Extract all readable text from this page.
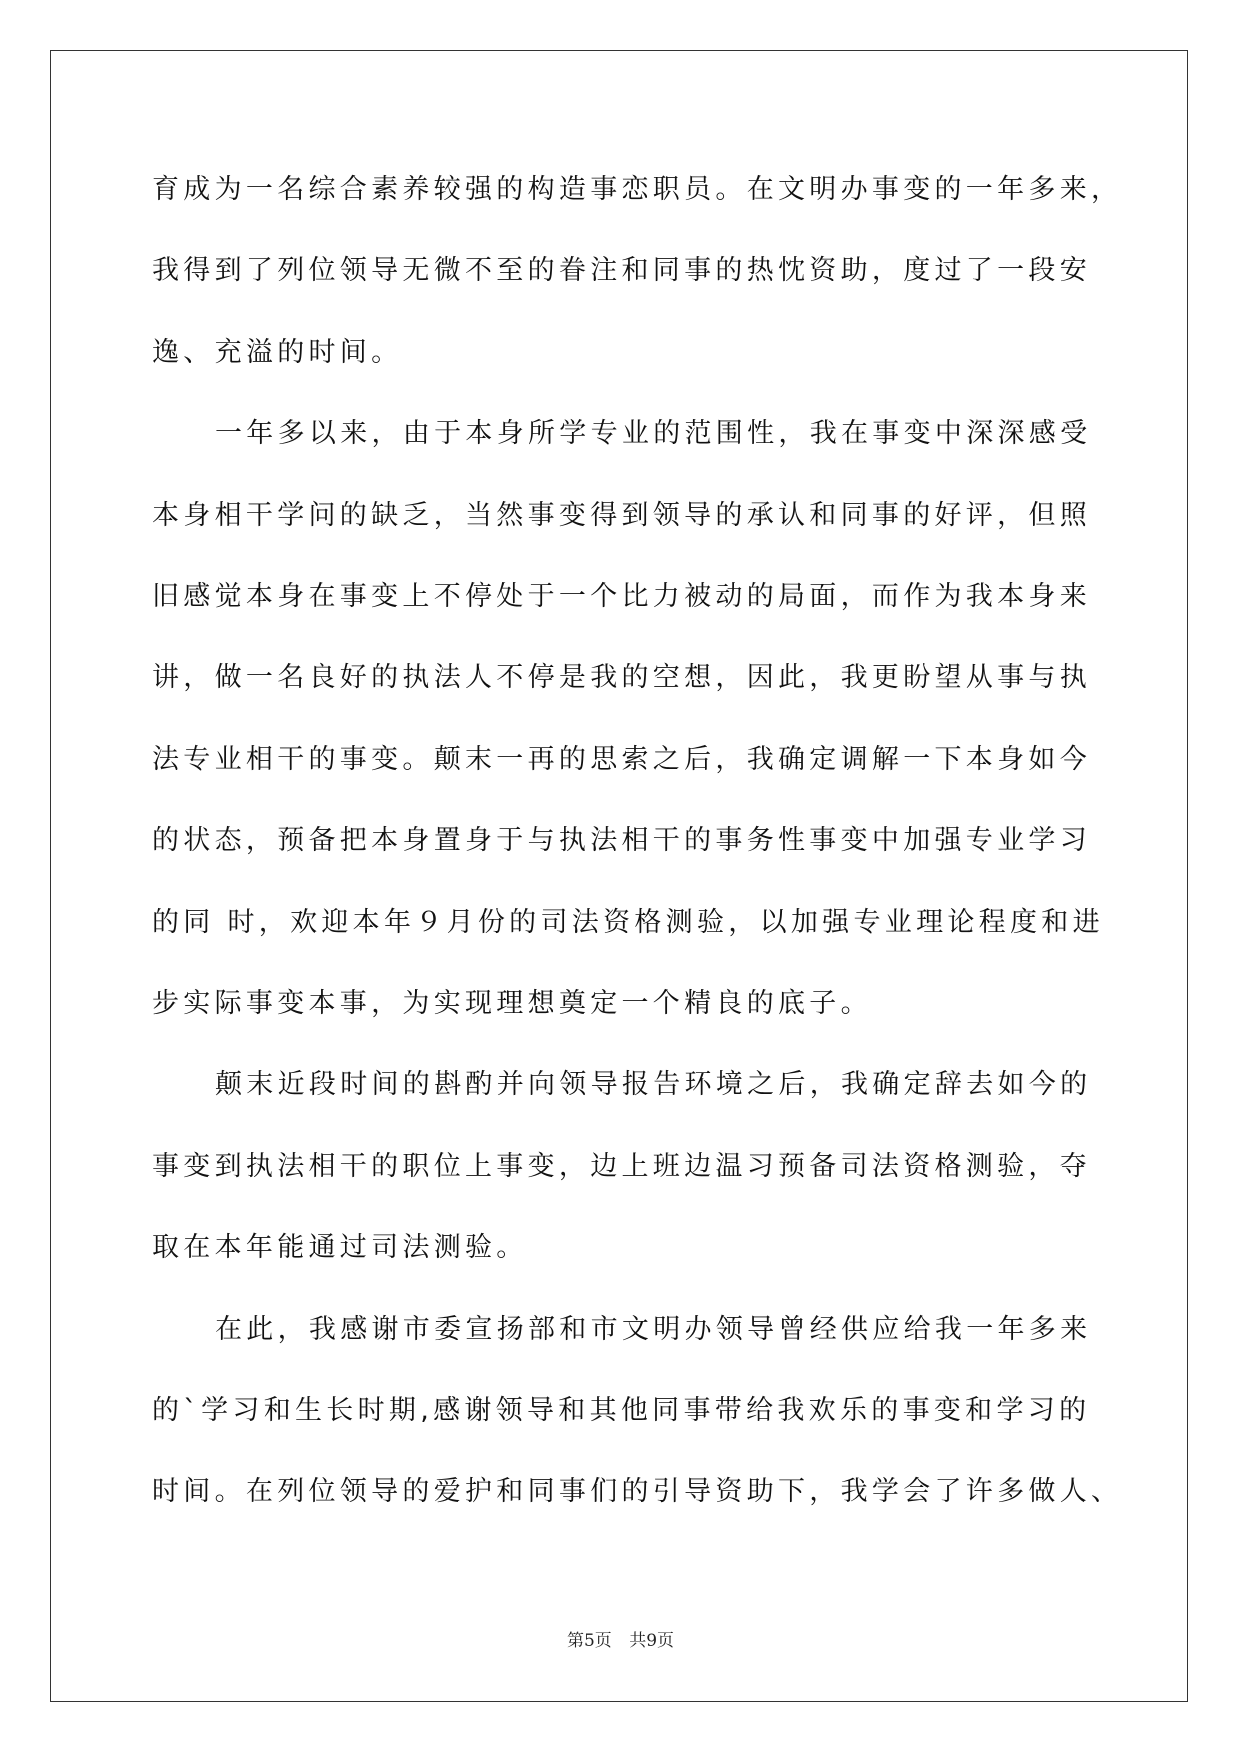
育成为一名综合素养较强的构造事恋职员。在文明办事变的一年多来，
我得到了列位领导无微不至的眷注和同事的热忱资助，度过了一段安
逸、充溢的时间。
一年多以来，由于本身所学专业的范围性，我在事变中深深感受
本身相干学问的缺乏，当然事变得到领导的承认和同事的好评，但照
旧感觉本身在事变上不停处于一个比力被动的局面，而作为我本身来
讲，做一名良好的执法人不停是我的空想，因此，我更盼望从事与执
法专业相干的事变。颠末一再的思索之后，我确定调解一下本身如今
的状态，预备把本身置身于与执法相干的事务性事变中加强专业学习
的同 时，欢迎本年９月份的司法资格测验，以加强专业理论程度和进
步实际事变本事，为实现理想奠定一个精良的底子。
颠末近段时间的斟酌并向领导报告环境之后，我确定辞去如今的
事变到执法相干的职位上事变，边上班边温习预备司法资格测验，夺
取在本年能通过司法测验。
在此，我感谢市委宣扬部和市文明办领导曾经供应给我一年多来
的`学习和生长时期,感谢领导和其他同事带给我欢乐的事变和学习的
时间。在列位领导的爱护和同事们的引导资助下，我学会了许多做人、
第5页 共9页
